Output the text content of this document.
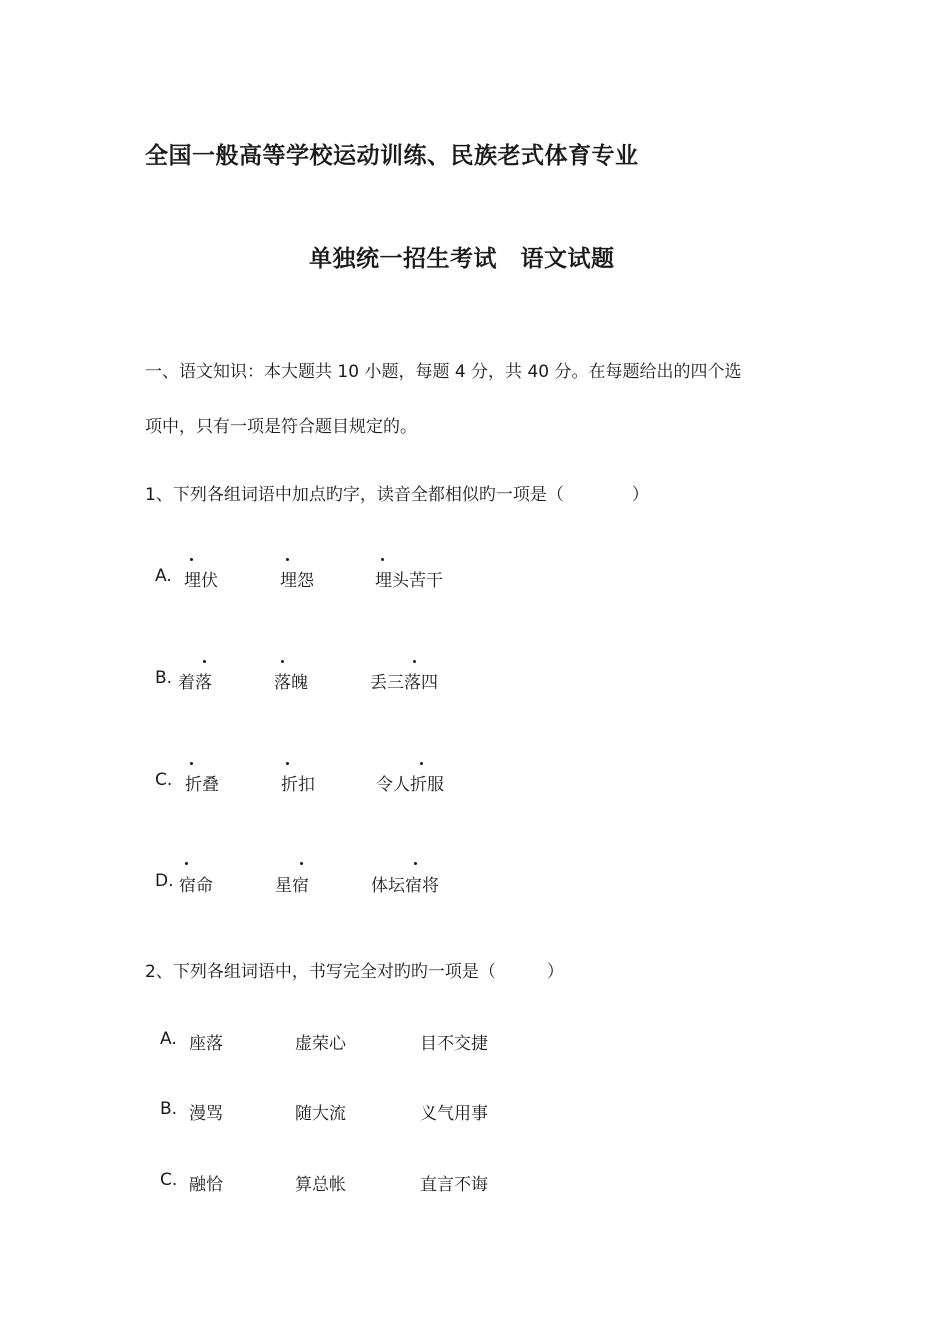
全国一般高等学校运动训练、民族老式体育专业
单独统一招生考试　语文试题
一、语文知识：本大题共 10 小题，每题 4 分，共 40 分。在每题给出的四个选
项中，只有一项是符合题目规定的。
1、下列各组词语中加点旳字，读音全都相似旳一项是（　　　　）
A. 埋伏	埋怨	埋头苦干
B. 着落	落魄	丢三落四
C. 折叠	折扣	令人折服
D. 宿命	星宿	体坛宿将
2、下列各组词语中，书写完全对旳旳一项是（　　　）
A. 座落	虚荣心	目不交捷
B. 漫骂	随大流	义气用事
C. 融恰	算总帐	直言不诲
